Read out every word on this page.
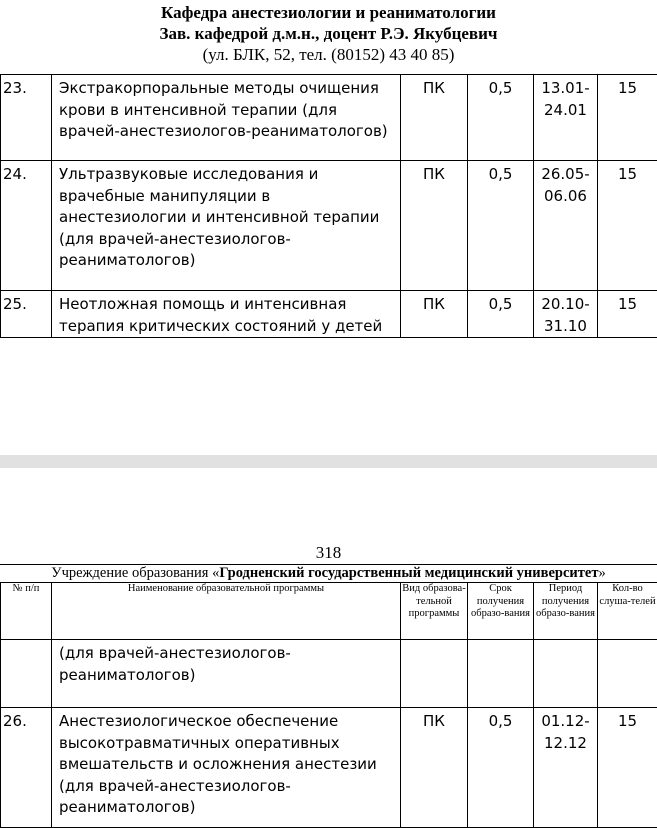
Кафедра анестезиологии и реаниматологии
Зав. кафедрой д.м.н., доцент Р.Э. Якубцевич
(ул. БЛК, 52, тел. (80152) 43 40 85)
23.	Экстракорпоральные методы очищения крови в интенсивной терапии (для врачей-анестезиологов-реаниматологов)	ПК	0,5	13.01-24.01	15
24.	Ультразвуковые исследования и врачебные манипуляции в анестезиологии и интенсивной терапии (для врачей-анестезиологов-реаниматологов)	ПК	0,5	26.05-06.06	15
25.	Неотложная помощь и интенсивная терапия критических состояний у детей	ПК	0,5	20.10-31.10	15
318
Учреждение образования «Гродненский государственный медицинский университет»
№ п/п	Наименование образовательной программы	Вид образова-тельной программы	Срок получения образо-вания	Период получения образо-вания	Кол-во слуша-телей
	(для врачей-анестезиологов-реаниматологов)				
26.	Анестезиологическое обеспечение высокотравматичных оперативных вмешательств и осложнения анестезии (для врачей-анестезиологов-реаниматологов)	ПК	0,5	01.12-12.12	15
